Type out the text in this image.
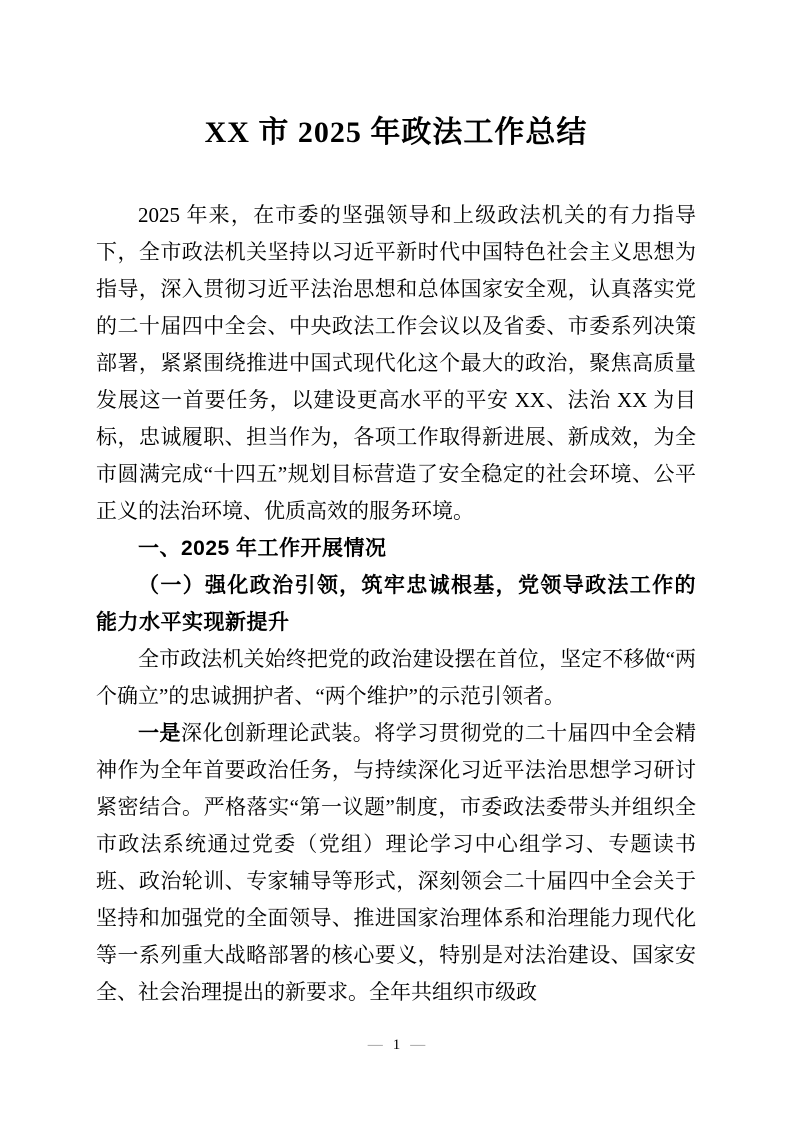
XX 市 2025 年政法工作总结

2025 年来，在市委的坚强领导和上级政法机关的有力指导下，全市政法机关坚持以习近平新时代中国特色社会主义思想为指导，深入贯彻习近平法治思想和总体国家安全观，认真落实党的二十届四中全会、中央政法工作会议以及省委、市委系列决策部署，紧紧围绕推进中国式现代化这个最大的政治，聚焦高质量发展这一首要任务，以建设更高水平的平安 XX、法治 XX 为目标，忠诚履职、担当作为，各项工作取得新进展、新成效，为全市圆满完成“十四五”规划目标营造了安全稳定的社会环境、公平正义的法治环境、优质高效的服务环境。

一、2025 年工作开展情况

（一）强化政治引领，筑牢忠诚根基，党领导政法工作的能力水平实现新提升

全市政法机关始终把党的政治建设摆在首位，坚定不移做“两个确立”的忠诚拥护者、“两个维护”的示范引领者。

一是深化创新理论武装。将学习贯彻党的二十届四中全会精神作为全年首要政治任务，与持续深化习近平法治思想学习研讨紧密结合。严格落实“第一议题”制度，市委政法委带头并组织全市政法系统通过党委（党组）理论学习中心组学习、专题读书班、政治轮训、专家辅导等形式，深刻领会二十届四中全会关于坚持和加强党的全面领导、推进国家治理体系和治理能力现代化等一系列重大战略部署的核心要义，特别是对法治建设、国家安全、社会治理提出的新要求。全年共组织市级政

— 1 —
